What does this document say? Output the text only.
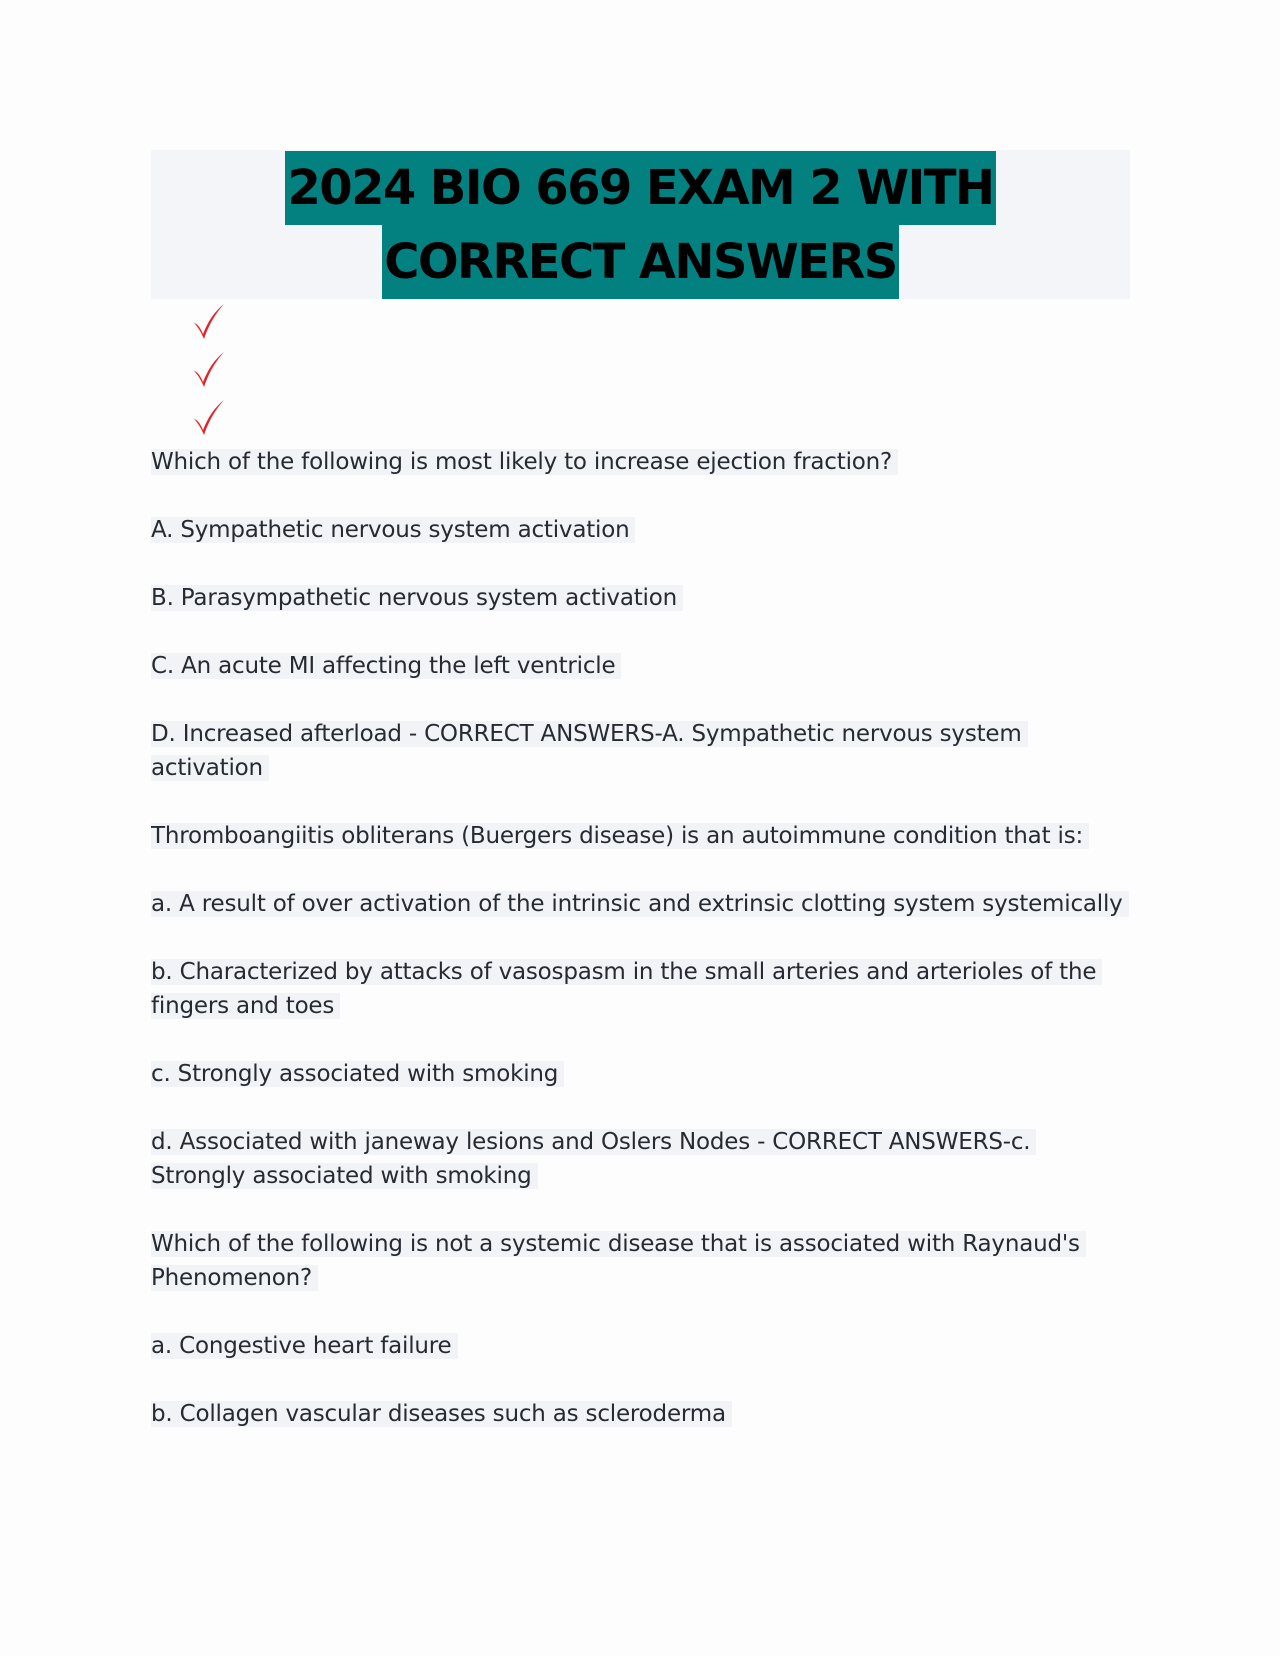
2024 BIO 669 EXAM 2 WITH
CORRECT ANSWERS

Which of the following is most likely to increase ejection fraction?

A. Sympathetic nervous system activation

B. Parasympathetic nervous system activation

C. An acute MI affecting the left ventricle

D. Increased afterload - CORRECT ANSWERS-A. Sympathetic nervous system activation

Thromboangiitis obliterans (Buergers disease) is an autoimmune condition that is:

a. A result of over activation of the intrinsic and extrinsic clotting system systemically

b. Characterized by attacks of vasospasm in the small arteries and arterioles of the fingers and toes

c. Strongly associated with smoking

d. Associated with janeway lesions and Oslers Nodes - CORRECT ANSWERS-c. Strongly associated with smoking

Which of the following is not a systemic disease that is associated with Raynaud's Phenomenon?

a. Congestive heart failure

b. Collagen vascular diseases such as scleroderma
